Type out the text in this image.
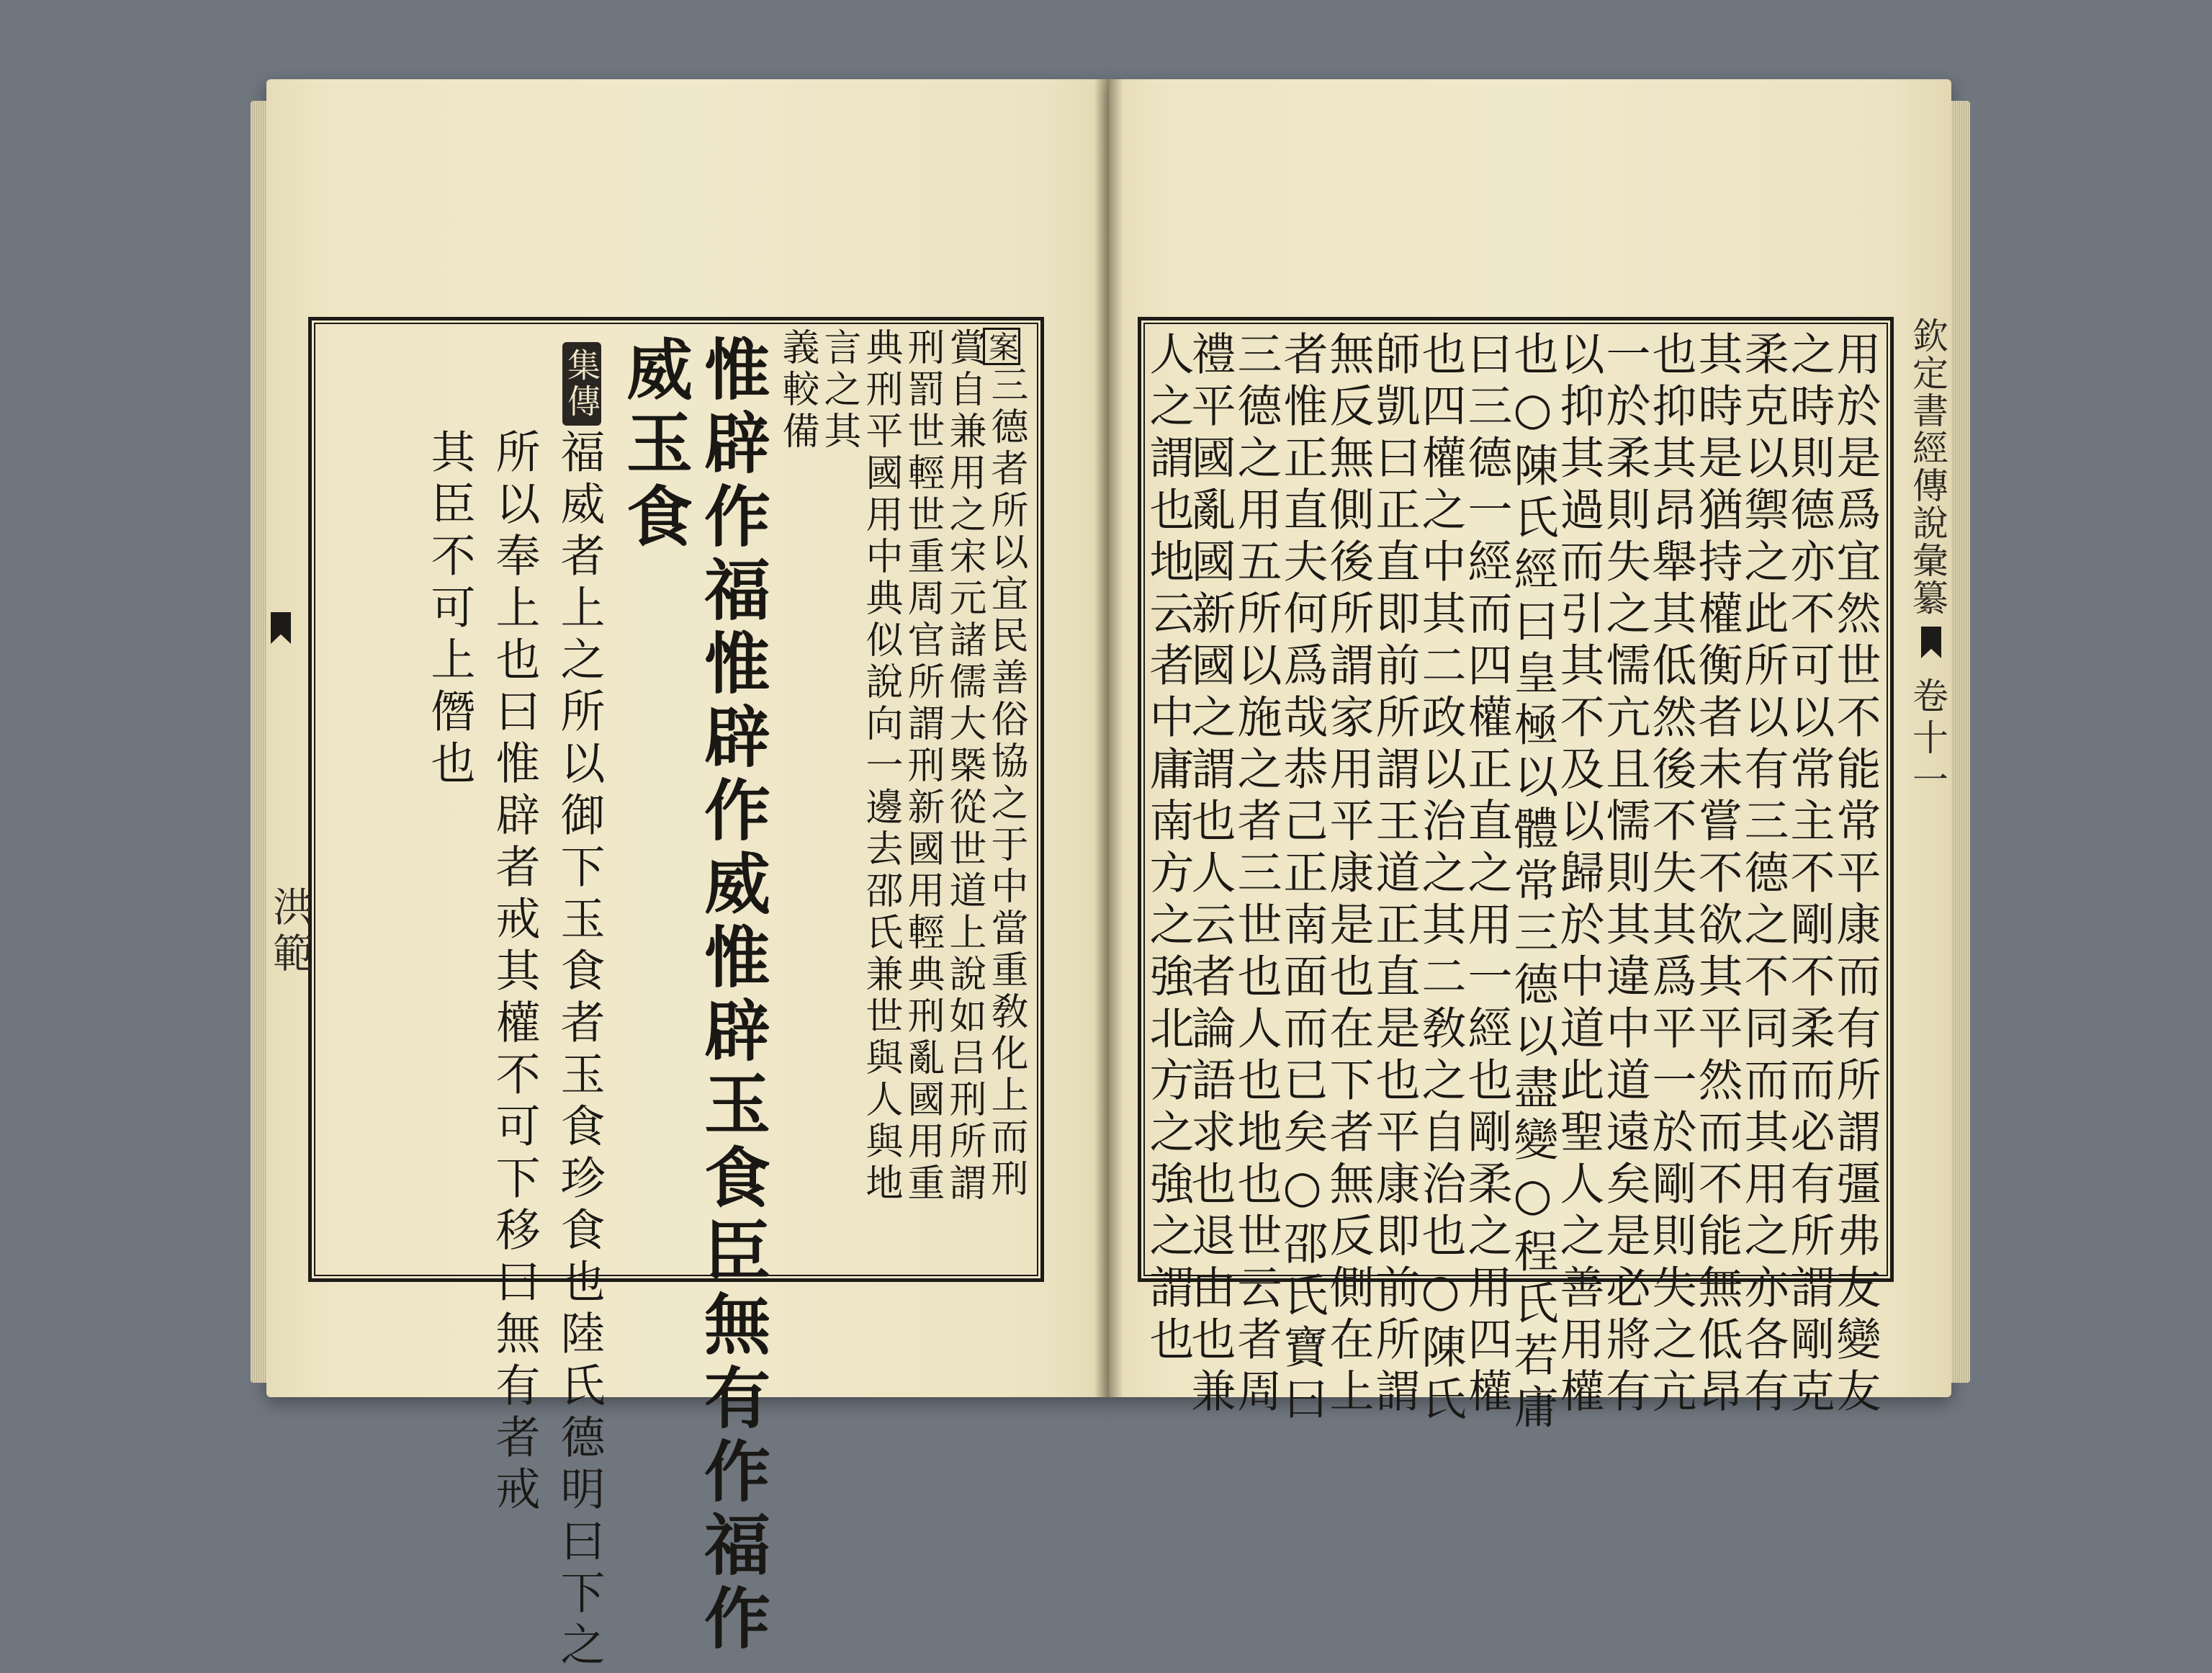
案
三德者所以宜民善俗協之于中當重敎化上而刑
賞自兼用之宋元諸儒大槩從世道上說如吕刑所謂
刑罰世輕世重周官所謂刑新國用輕典刑亂國用重
典刑平國用中典似說向一邊去邵氏兼世與人與地
言之其
義較備
惟辟作福惟辟作威惟辟玉食臣無有作福作
威玉食
集傳
福威者上之所以御下玉食者玉食珍食也陸氏德明曰下之
所以奉上也曰惟辟者戒其權不可下移曰無有者戒
其臣不可上僭也
洪範	用於是爲宜然世不能常平康而有所謂彊弗友變友
之時則德亦不可以常主不剛不柔而必有所謂剛克
柔克以禦之此所以有三德之不同而其用之亦各有
其時是猶持權衡者未嘗不欲其平然而不能無低昂
也抑其昂舉其低然後不失其爲平一於剛則失之亢
一於柔則失之懦亢且懦則其違中道遠矣是必將有
以抑其過而引其不及以歸於中道此聖人之善用權
也○陳氏經曰皇極以體常三德以盡變○程氏若庸
曰三德一經而四權正直之用一經也剛柔之用四權
也四權之中其二政以治之其二敎之自治也○陳氏
師凱曰正直即前所謂王道正直是也平康即前所謂
無反無側後所謂家用平康是也在下者無反側在上
者惟正直夫何爲哉恭己正南面而已矣○邵氏寶曰
三德之用五所以施之者三世也人也地也世云者周
禮平國亂國新國之謂也人云者論語求也退由也兼
人之謂也地云者中庸南方之強北方之強之謂也	欽定書經傳說彙纂
卷十一
